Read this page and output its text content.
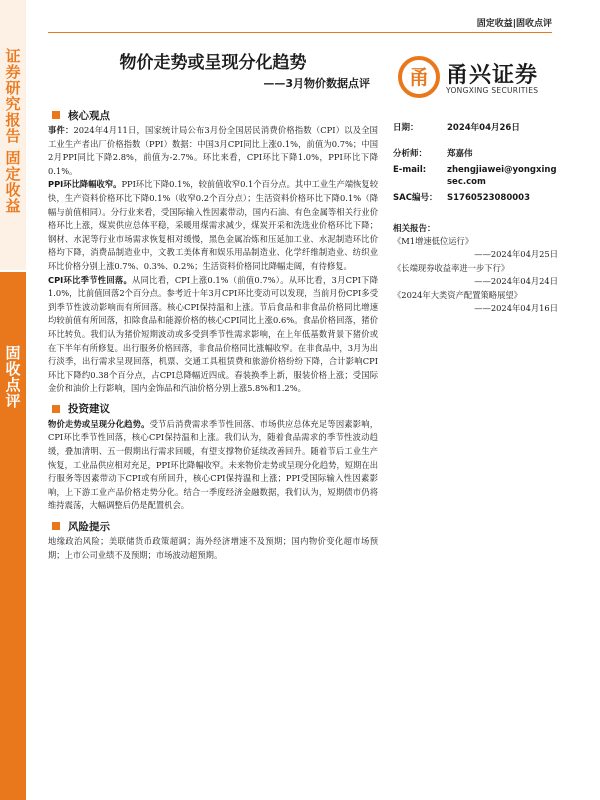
证券研究报告
固定收益
固收点评
固定收益|固收点评
物价走势或呈现分化趋势
——3月物价数据点评 甬 甬兴证券
YONGXING SECURITIES
核心观点

事件：2024年4月11日，国家统计局公布3月份全国居民消费价格指数（CPI）以及全国工业生产者出厂价格指数（PPI）数据：中国3月CPI同比上涨0.1%，前值为0.7%；中国2月PPI同比下降2.8%，前值为-2.7%。环比来看，CPI环比下降1.0%，PPI环比下降0.1%。

PPI环比降幅收窄。PPI环比下降0.1%，较前值收窄0.1个百分点。其中工业生产端恢复较快，生产资料价格环比下降0.1%（收窄0.2个百分点）；生活资料价格环比下降0.1%（降幅与前值相同）。分行业来看，受国际输入性因素带动，国内石油、有色金属等相关行业价格环比上涨，煤炭供应总体平稳，采暖用煤需求减少，煤炭开采和洗选业价格环比下降；钢材、水泥等行业市场需求恢复相对缓慢，黑色金属冶炼和压延加工业、水泥制造环比价格均下降，消费品制造业中，文教工美体育和娱乐用品制造业、化学纤维制造业、纺织业环比价格分别上涨0.7%、0.3%、0.2%；生活资料价格同比降幅走阔，有待修复。

CPI环比季节性回落。从同比看，CPI上涨0.1%（前值0.7%）。从环比看，3月CPI下降1.0%，比前值回落2个百分点。参考近十年3月CPI环比变动可以发现，当前月份CPI多受到季节性波动影响而有所回落。核心CPI保持温和上涨。节后食品和非食品价格同比增速均较前值有所回落，扣除食品和能源价格的核心CPI同比上涨0.6%。食品价格回落，猪价环比转负。我们认为猪价短期波动或多受到季节性需求影响，在上年低基数背景下猪价或在下半年有所修复。出行服务价格回落，非食品价格同比涨幅收窄。在非食品中，3月为出行淡季，出行需求呈现回落，机票、交通工具租赁费和旅游价格纷纷下降，合计影响CPI环比下降约0.38个百分点，占CPI总降幅近四成。春装换季上新，服装价格上涨；受国际金价和油价上行影响，国内金饰品和汽油价格分别上涨5.8%和1.2%。

投资建议

物价走势或呈现分化趋势。受节后消费需求季节性回落、市场供应总体充足等因素影响，CPI环比季节性回落，核心CPI保持温和上涨。我们认为，随着食品需求的季节性波动趋缓，叠加清明、五一假期出行需求回暖，有望支撑物价延续改善回升。随着节后工业生产恢复，工业品供应相对充足，PPI环比降幅收窄。未来物价走势或呈现分化趋势，短期在出行服务等因素带动下CPI或有所回升，核心CPI保持温和上涨；PPI受国际输入性因素影响，上下游工业产品价格走势分化。结合一季度经济金融数据，我们认为，短期债市仍将维持震荡，大幅调整后仍是配置机会。

风险提示

地缘政治风险；美联储货币政策超调；海外经济增速不及预期；国内物价变化超市场预期；上市公司业绩不及预期；市场波动超预期。

日期：	2024年04月26日
分析师：	郑嘉伟
E-mail:	zhengjiawei@yongxingsec.com
SAC编号：	S1760523080003
相关报告：
《M1增速低位运行》
——2024年04月25日
《长端现券收益率进一步下行》
——2024年04月24日
《2024年大类资产配置策略展望》
——2024年04月16日
